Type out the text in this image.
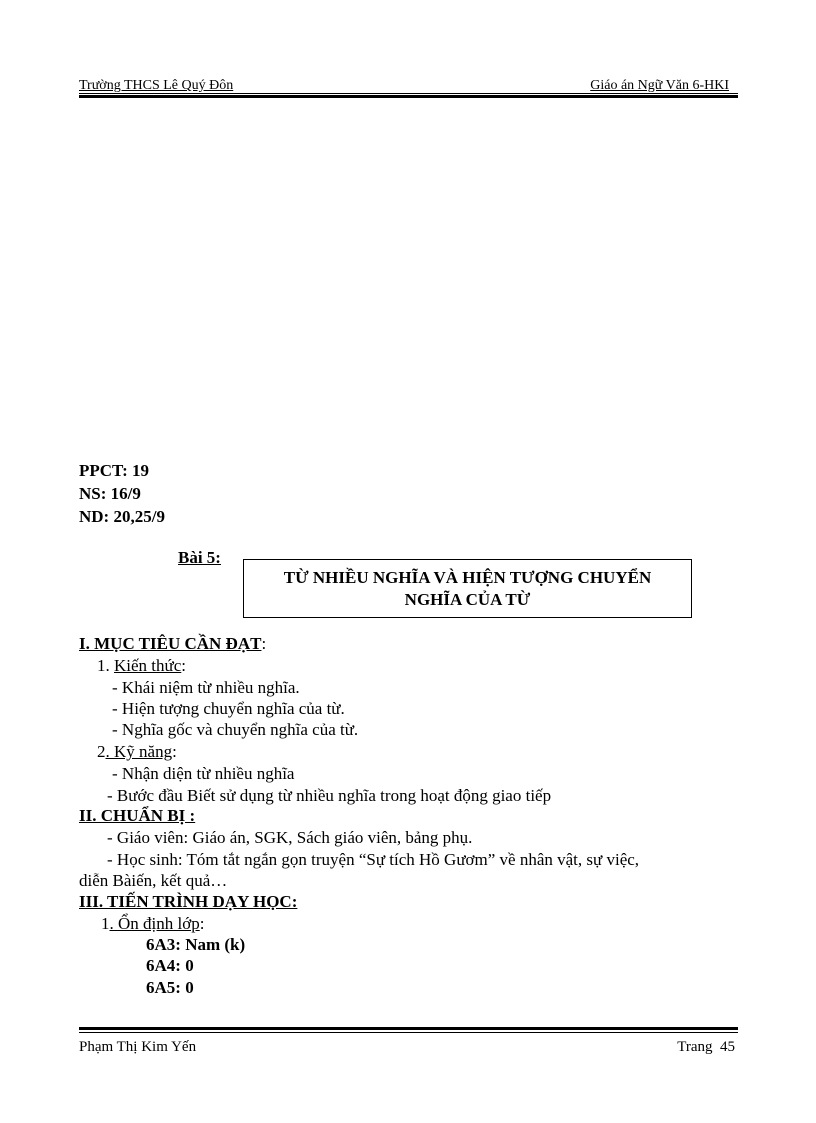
Trường THCS Lê Quý Đôn	Giáo án Ngữ Văn 6-HKI
PPCT: 19
NS: 16/9
ND: 20,25/9
Bài 5:
TỪ NHIỀU NGHĨA VÀ HIỆN TƯỢNG CHUYỂN NGHĨA CỦA TỪ
I. MỤC TIÊU CẦN ĐẠT:
1. Kiến thức:
- Khái niệm từ nhiều nghĩa.
- Hiện tượng chuyển nghĩa của từ.
- Nghĩa gốc và chuyển nghĩa của từ.
2. Kỹ năng:
- Nhận diện từ nhiều nghĩa
- Bước đầu Biết sử dụng từ nhiều nghĩa trong hoạt động giao tiếp
II. CHUẨN BỊ :
- Giáo viên: Giáo án, SGK, Sách giáo viên, bảng phụ.
- Học sinh: Tóm tắt ngắn gọn truyện “Sự tích Hồ Gươm” về nhân vật, sự việc,
diễn Bàiến, kết quả…
III. TIẾN TRÌNH DẠY HỌC:
1. Ổn định lớp:
6A3: Nam (k)
6A4: 0
6A5: 0
Phạm Thị Kim Yến	Trang 45
